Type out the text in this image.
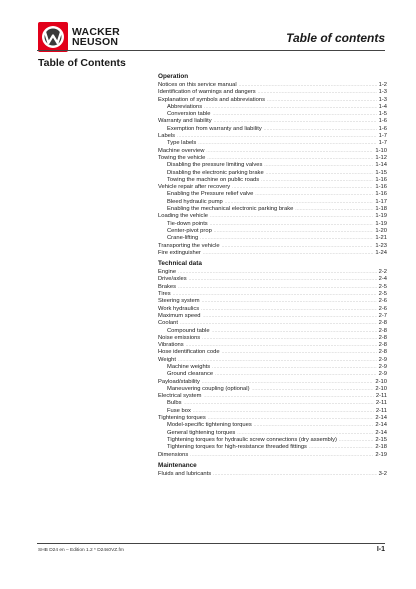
WACKER
NEUSON	Table of contents
Table of Contents
Operation
Notices on this service manual .....	1-2
Identification of warnings and dangers .....	1-3
Explanation of symbols and abbreviations .....	1-3
Abbreviations .....	1-4
Conversion table .....	1-5
Warranty and liability .....	1-6
Exemption from warranty and liability .....	1-6
Labels .....	1-7
Type labels .....	1-7
Machine overview .....	1-10
Towing the vehicle .....	1-12
Disabling the pressure limiting valves .....	1-14
Disabling the electronic parking brake .....	1-15
Towing the machine on public roads .....	1-16
Vehicle repair after recovery .....	1-16
Enabling the Pressure relief valve .....	1-16
Bleed hydraulic pump .....	1-17
Enabling the mechanical electronic parking brake .....	1-18
Loading the vehicle .....	1-19
Tie-down points .....	1-19
Center-pivot prop .....	1-20
Crane-lifting .....	1-21
Transporting the vehicle .....	1-23
Fire extinguisher .....	1-24
Technical data
Engine .....	2-2
Drive/axles .....	2-4
Brakes .....	2-5
Tires .....	2-5
Steering system .....	2-6
Work hydraulics .....	2-6
Maximum speed .....	2-7
Coolant .....	2-8
Compound table .....	2-8
Noise emissions .....	2-8
Vibrations .....	2-8
Hose identification code .....	2-8
Weight .....	2-9
Machine weights .....	2-9
Ground clearance .....	2-9
Payload/stability .....	2-10
Maneuvering coupling (optional) .....	2-10
Electrical system .....	2-11
Bulbs .....	2-11
Fuse box .....	2-11
Tightening torques .....	2-14
Model-specific tightening torques .....	2-14
General tightening torques .....	2-14
Tightening torques for hydraulic screw connections (dry assembly) .....	2-15
Tightening torques for high-resistance threaded fittings .....	2-18
Dimensions .....	2-19
Maintenance
Fluids and lubricants .....	3-2
SHB D24 en – Edition 1.2 * D24s0VZ.fm	I-1
